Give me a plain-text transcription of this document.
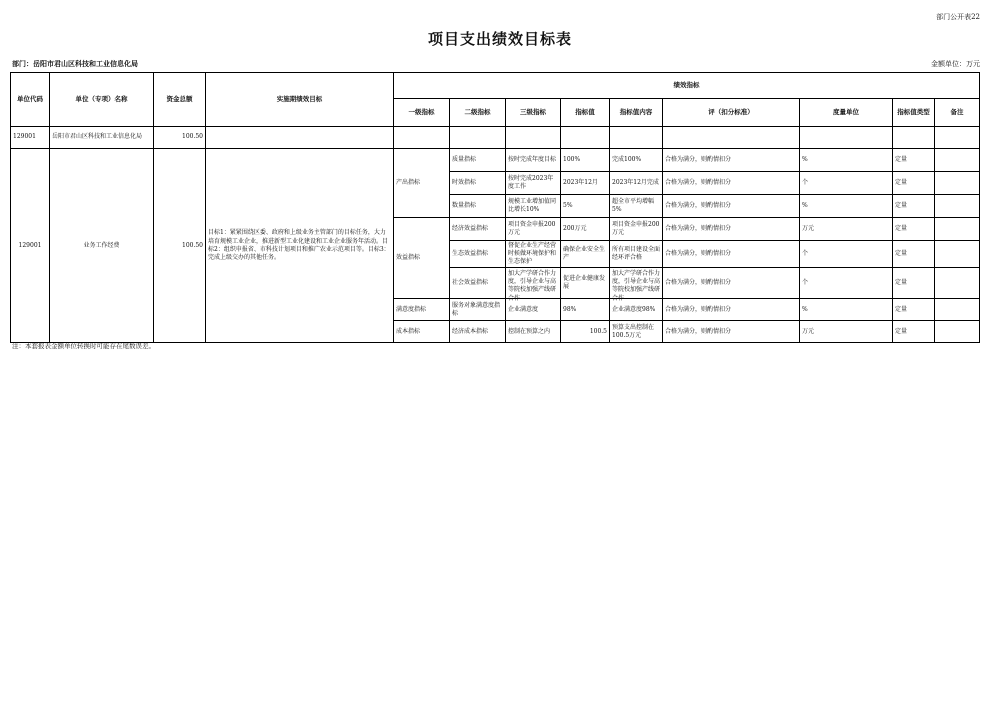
部门公开表22
项目支出绩效目标表
部门：岳阳市君山区科技和工业信息化局	金额单位：万元
单位代码	单位（专项）名称	资金总额	实施期绩效目标	绩效指标								
				一级指标	二级指标	三级指标	指标值	指标值内容	评（扣分标准）	度量单位	指标值类型	备注
129001	岳阳市君山区科技和工业信息化局	100.50										
129001	业务工作经费	100.50	目标1：紧紧围绕区委、政府和上级业务主管部门的目标任务，大力培育规模工业企业，推进新型工业化建设和工业企业服务年活动。目标2：组织申报省、市科技计划项目和推广农业示范项目等。目标3：完成上级交办的其他任务。	产出指标	质量指标	按时完成年度目标	100%	完成100%	合格为满分，则酌情扣分	%	定量	
					时效指标	按时完成2023年度工作	2023年12月	2023年12月完成	合格为满分，则酌情扣分	个	定量	
					数量指标	规模工业增加值同比增长10%	5%	超全市平均增幅5%	合格为满分，则酌情扣分	%	定量	
				效益指标	经济效益指标	项目资金申报200万元	200万元	项目资金申报200万元	合格为满分，则酌情扣分	万元	定量	
					生态效益指标	督促企业生产经营时候做环境保护和生态保护	确保企业安全生产	所有项目建设全面经环评合格	合格为满分，则酌情扣分	个	定量	
					社会效益指标	加大产学研合作力度，引导企业与高等院校加强产线研合作	促进企业健康发展	加大产学研合作力度，引导企业与高等院校加强产线研合作	合格为满分，则酌情扣分	个	定量	
				满意度指标	服务对象满意度指标	企业满意度	98%	企业满意度98%	合格为满分，则酌情扣分	%	定量	
				成本指标	经济成本指标	控制在预算之内	100.5	预算支出控制在100.5万元	合格为满分，则酌情扣分	万元	定量	
注：本套报表金额单位转换时可能存在尾数误差。
